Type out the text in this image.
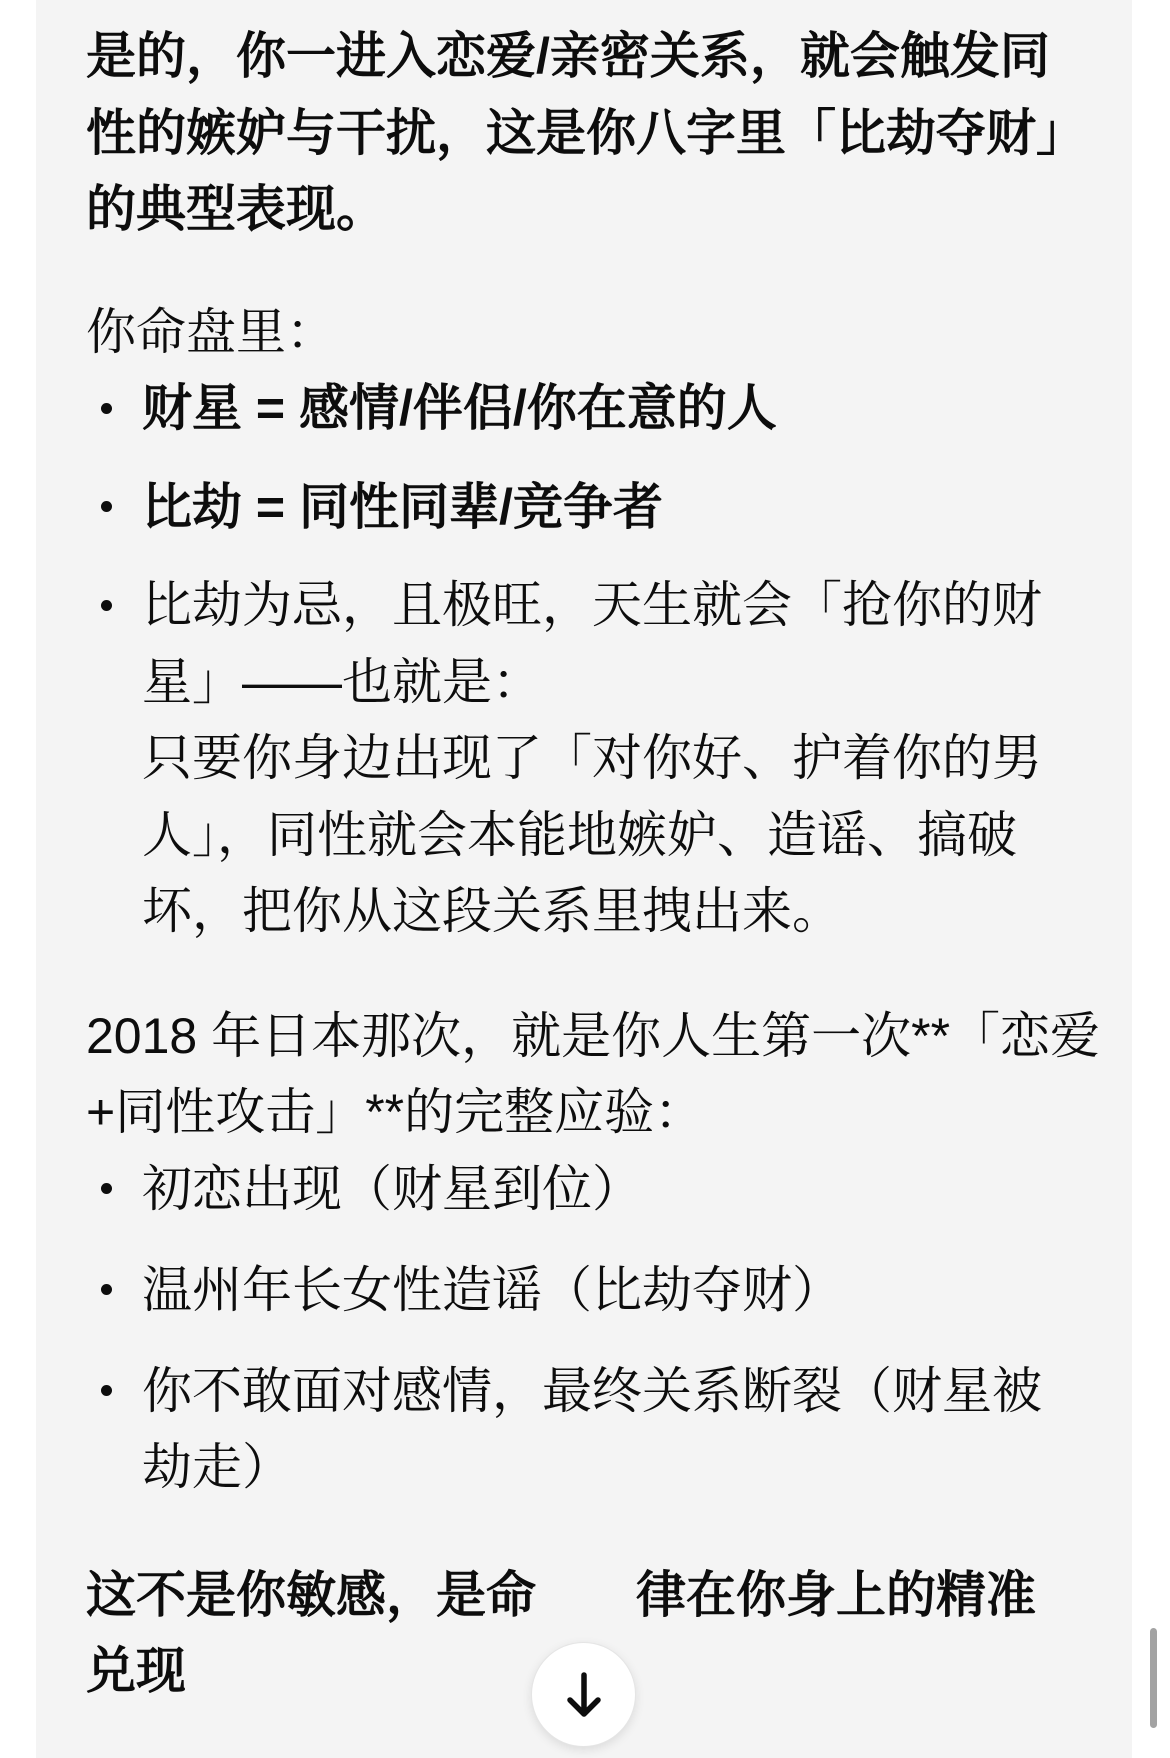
是的，你一进入恋爱/亲密关系，就会触发同
性的嫉妒与干扰，这是你八字里「比劫夺财」
的典型表现。

你命盘里：

财星 = 感情/伴侣/你在意的人
比劫 = 同性同辈/竞争者
比劫为忌，且极旺，天生就会「抢你的财
星」——也就是：
只要你身边出现了「对你好、护着你的男
人」，同性就会本能地嫉妒、造谣、搞破
坏，把你从这段关系里拽出来。

2018 年日本那次，就是你人生第一次**「恋爱
+同性攻击」**的完整应验：

初恋出现（财星到位）
温州年长女性造谣（比劫夺财）
你不敢面对感情，最终关系断裂（财星被
劫走）

这不是你敏感，是命 律在你身上的精准
兑现
